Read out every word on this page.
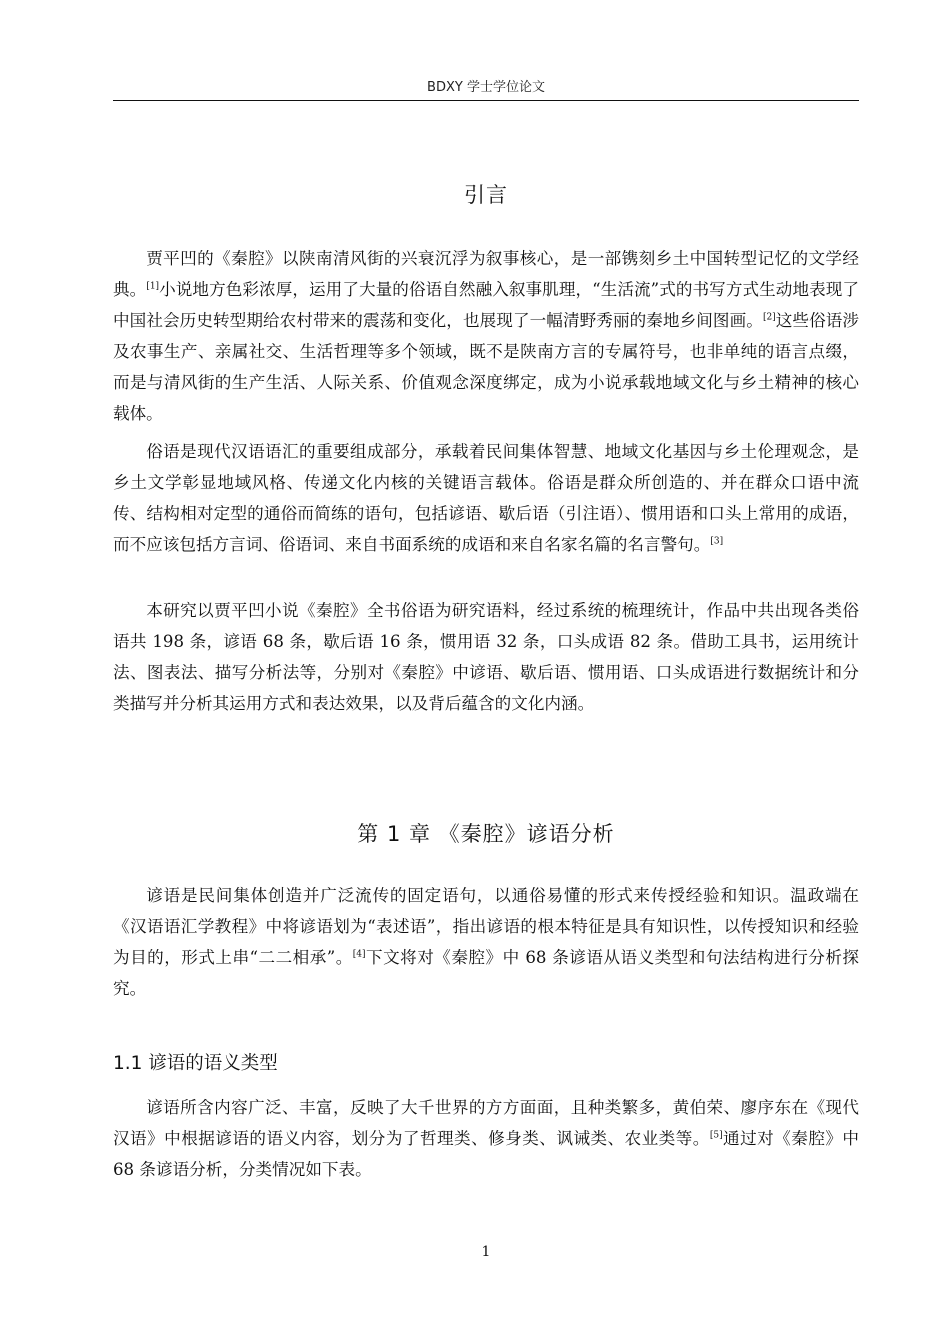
BDXY 学士学位论文
引言

贾平凹的《秦腔》以陕南清风街的兴衰沉浮为叙事核心，是一部镌刻乡土中国转型记忆的文学经典。[1]小说地方色彩浓厚，运用了大量的俗语自然融入叙事肌理，“生活流”式的书写方式生动地表现了中国社会历史转型期给农村带来的震荡和变化，也展现了一幅清野秀丽的秦地乡间图画。[2]这些俗语涉及农事生产、亲属社交、生活哲理等多个领域，既不是陕南方言的专属符号，也非单纯的语言点缀，而是与清风街的生产生活、人际关系、价值观念深度绑定，成为小说承载地域文化与乡土精神的核心载体。

俗语是现代汉语语汇的重要组成部分，承载着民间集体智慧、地域文化基因与乡土伦理观念，是乡土文学彰显地域风格、传递文化内核的关键语言载体。俗语是群众所创造的、并在群众口语中流传、结构相对定型的通俗而简练的语句，包括谚语、歇后语（引注语）、惯用语和口头上常用的成语，而不应该包括方言词、俗语词、来自书面系统的成语和来自名家名篇的名言警句。[3]

本研究以贾平凹小说《秦腔》全书俗语为研究语料，经过系统的梳理统计，作品中共出现各类俗语共 198 条，谚语 68 条，歇后语 16 条，惯用语 32 条，口头成语 82 条。借助工具书，运用统计法、图表法、描写分析法等，分别对《秦腔》中谚语、歇后语、惯用语、口头成语进行数据统计和分类描写并分析其运用方式和表达效果，以及背后蕴含的文化内涵。

第 1 章 《秦腔》谚语分析

谚语是民间集体创造并广泛流传的固定语句，以通俗易懂的形式来传授经验和知识。温政端在《汉语语汇学教程》中将谚语划为“表述语”，指出谚语的根本特征是具有知识性，以传授知识和经验为目的，形式上串“二二相承”。[4]下文将对《秦腔》中 68 条谚语从语义类型和句法结构进行分析探究。

1.1 谚语的语义类型

谚语所含内容广泛、丰富，反映了大千世界的方方面面，且种类繁多，黄伯荣、廖序东在《现代汉语》中根据谚语的语义内容，划分为了哲理类、修身类、讽诫类、农业类等。[5]通过对《秦腔》中 68 条谚语分析，分类情况如下表。

1
